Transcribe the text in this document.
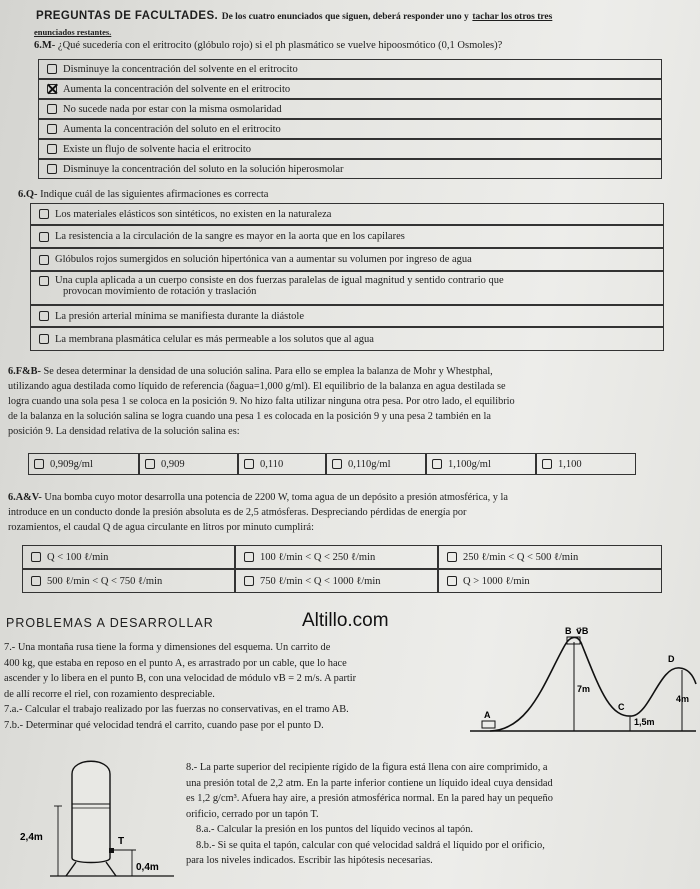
PREGUNTAS DE FACULTADES. De los cuatro enunciados que siguen, deberá responder uno y tachar los otros tres
enunciados restantes.
6.M- ¿Qué sucedería con el eritrocito (glóbulo rojo) si el ph plasmático se vuelve hipoosmótico (0,1 Osmoles)?
Disminuye la concentración del solvente en el eritrocito
Aumenta la concentración del solvente en el eritrocito
No sucede nada por estar con la misma osmolaridad
Aumenta la concentración del soluto en el eritrocito
Existe un flujo de solvente hacia el eritrocito
Disminuye la concentración del soluto en la solución hiperosmolar
6.Q- Indique cuál de las siguientes afirmaciones es correcta
Los materiales elásticos son sintéticos, no existen en la naturaleza
La resistencia a la circulación de la sangre es mayor en la aorta que en los capilares
Glóbulos rojos sumergidos en solución hipertónica van a aumentar su volumen por ingreso de agua
Una cupla aplicada a un cuerpo consiste en dos fuerzas paralelas de igual magnitud y sentido contrario que
provocan movimiento de rotación y traslación
La presión arterial mínima se manifiesta durante la diástole
La membrana plasmática celular es más permeable a los solutos que al agua
6.F&B- Se desea determinar la densidad de una solución salina. Para ello se emplea la balanza de Mohr y Whestphal,
utilizando agua destilada como líquido de referencia (δagua=1,000 g/ml). El equilibrio de la balanza en agua destilada se
logra cuando una sola pesa 1 se coloca en la posición 9. No hizo falta utilizar ninguna otra pesa. Por otro lado, el equilibrio
de la balanza en la solución salina se logra cuando una pesa 1 es colocada en la posición 9 y una pesa 2 también en la
posición 9. La densidad relativa de la solución salina es:
0,909g/ml	0,909	0,110	0,110g/ml	1,100g/ml	1,100
6.A&V- Una bomba cuyo motor desarrolla una potencia de 2200 W, toma agua de un depósito a presión atmosférica, y la
introduce en un conducto donde la presión absoluta es de 2,5 atmósferas. Despreciando pérdidas de energía por
rozamientos, el caudal Q de agua circulante en litros por minuto cumplirá:
Q < 100 ℓ/min	100 ℓ/min < Q < 250 ℓ/min	250 ℓ/min < Q < 500 ℓ/min
500 ℓ/min < Q < 750 ℓ/min	750 ℓ/min < Q < 1000 ℓ/min	Q > 1000 ℓ/min
PROBLEMAS A DESARROLLAR	Altillo.com
7.- Una montaña rusa tiene la forma y dimensiones del esquema. Un carrito de
400 kg, que estaba en reposo en el punto A, es arrastrado por un cable, que lo hace
ascender y lo libera en el punto B, con una velocidad de módulo vB = 2 m/s. A partir
de allí recorre el riel, con rozamiento despreciable.
7.a.- Calcular el trabajo realizado por las fuerzas no conservativas, en el tramo AB.
7.b.- Determinar qué velocidad tendrá el carrito, cuando pase por el punto D.
B v⃗B
D
C
A
7m
4m
1,5m
8.- La parte superior del recipiente rígido de la figura está llena con aire comprimido, a
una presión total de 2,2 atm. En la parte inferior contiene un líquido ideal cuya densidad
es 1,2 g/cm³. Afuera hay aire, a presión atmosférica normal. En la pared hay un pequeño
orificio, cerrado por un tapón T.
8.a.- Calcular la presión en los puntos del líquido vecinos al tapón.
8.b.- Si se quita el tapón, calcular con qué velocidad saldrá el líquido por el orificio,
para los niveles indicados. Escribir las hipótesis necesarias.
2,4m	T
0,4m
